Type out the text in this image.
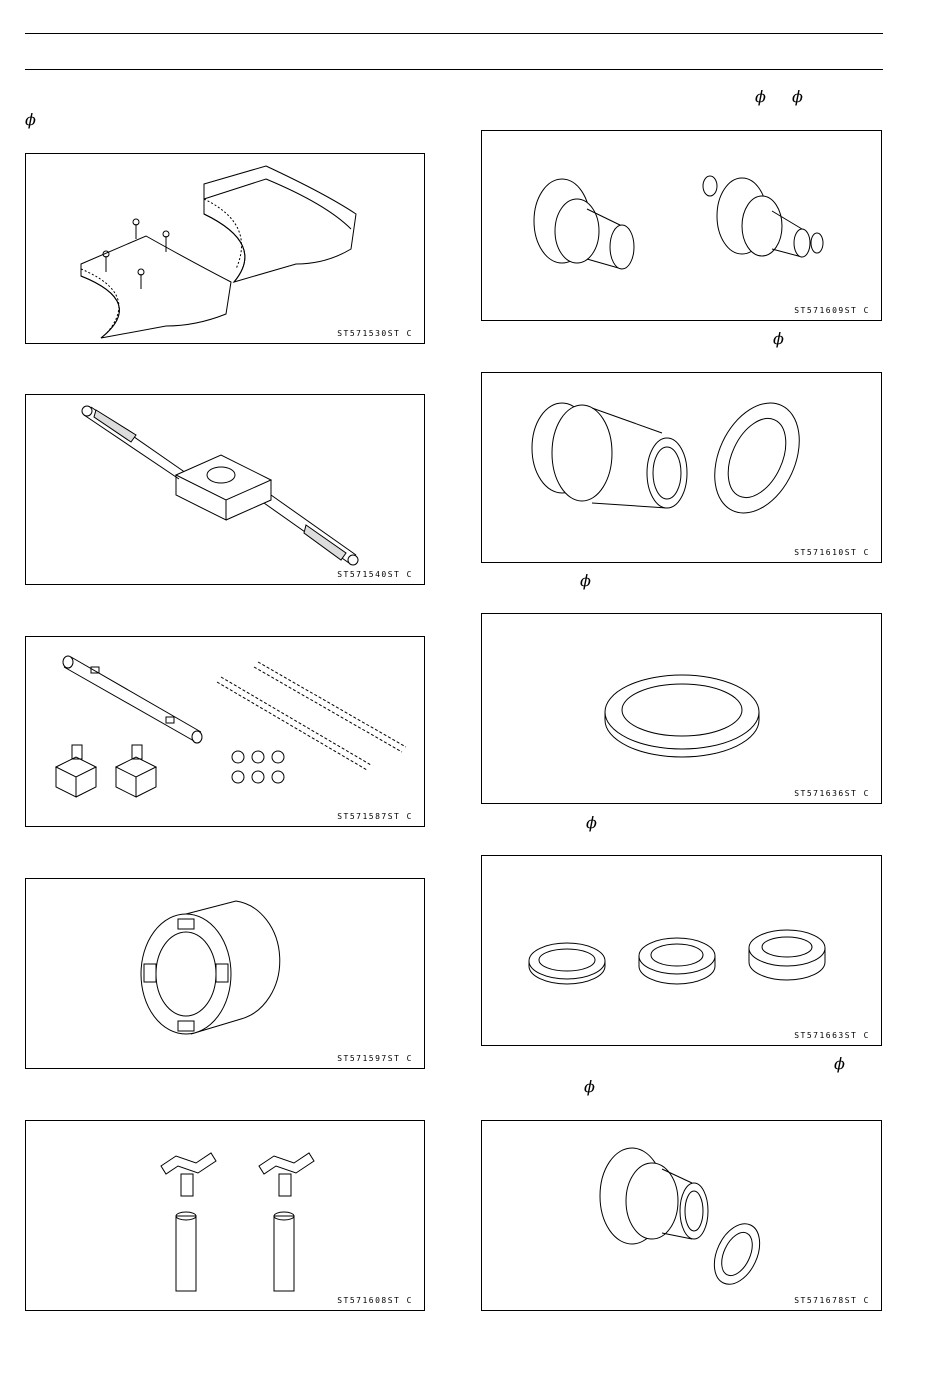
ϕ
ϕ ϕ
ϕ
ϕ
ϕ
ϕ
ϕ
ST571530ST C
ST571540ST C
ST571587ST C
ST571597ST C
ST571608ST C
ST571609ST C
ST571610ST C
ST571636ST C
ST571663ST C
ST571678ST C
